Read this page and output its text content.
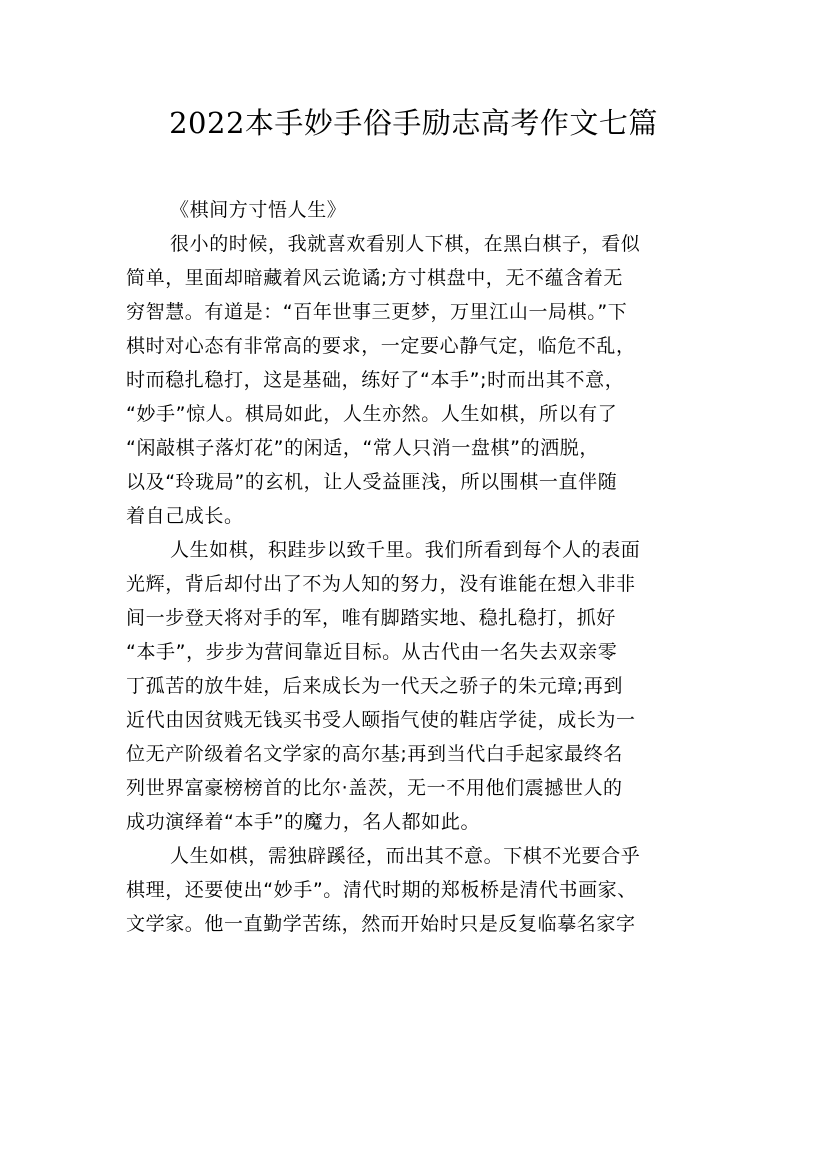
2022本手妙手俗手励志高考作文七篇
《棋间方寸悟人生》
很小的时候，我就喜欢看别人下棋，在黑白棋子，看似
简单，里面却暗藏着风云诡谲;方寸棋盘中，无不蕴含着无
穷智慧。有道是：“百年世事三更梦，万里江山一局棋。”下
棋时对心态有非常高的要求，一定要心静气定，临危不乱，
时而稳扎稳打，这是基础，练好了“本手”;时而出其不意，
“妙手”惊人。棋局如此，人生亦然。人生如棋，所以有了
“闲敲棋子落灯花”的闲适，“常人只消一盘棋”的洒脱，
以及“玲珑局”的玄机，让人受益匪浅，所以围棋一直伴随
着自己成长。
人生如棋，积跬步以致千里。我们所看到每个人的表面
光辉，背后却付出了不为人知的努力，没有谁能在想入非非
间一步登天将对手的军，唯有脚踏实地、稳扎稳打，抓好
“本手”，步步为营间靠近目标。从古代由一名失去双亲零
丁孤苦的放牛娃，后来成长为一代天之骄子的朱元璋;再到
近代由因贫贱无钱买书受人颐指气使的鞋店学徒，成长为一
位无产阶级着名文学家的高尔基;再到当代白手起家最终名
列世界富豪榜榜首的比尔·盖茨，无一不用他们震撼世人的
成功演绎着“本手”的魔力，名人都如此。
人生如棋，需独辟蹊径，而出其不意。下棋不光要合乎
棋理，还要使出“妙手”。清代时期的郑板桥是清代书画家、
文学家。他一直勤学苦练，然而开始时只是反复临摹名家字
